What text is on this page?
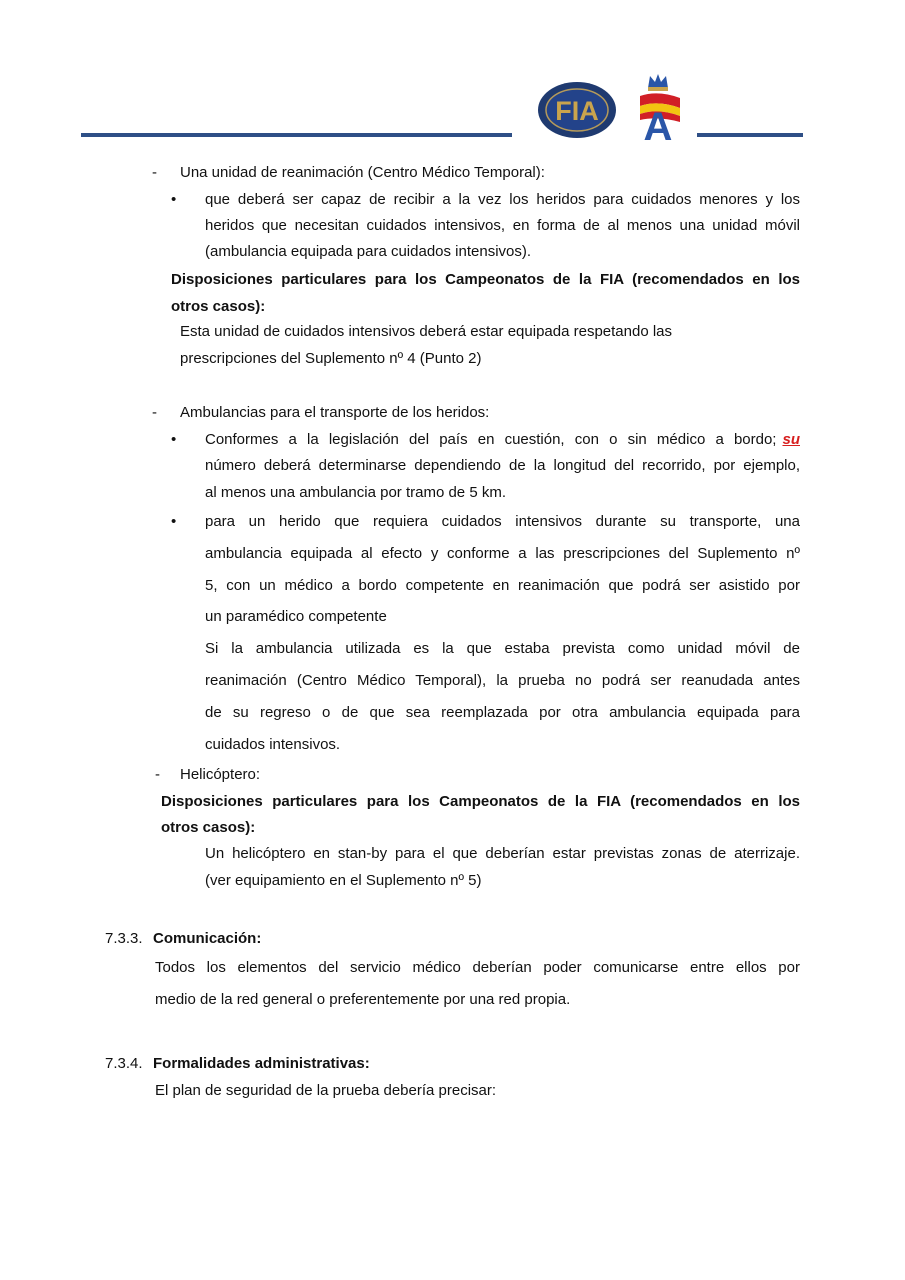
FIA A
- Una unidad de reanimación (Centro Médico Temporal):
• que deberá ser capaz de recibir a la vez los heridos para cuidados menores y los
heridos que necesitan cuidados intensivos, en forma de al menos una unidad móvil
(ambulancia equipada para cuidados intensivos).
Disposiciones particulares para los Campeonatos de la FIA (recomendados en los
otros casos):
Esta unidad de cuidados intensivos deberá estar equipada respetando las
prescripciones del Suplemento nº 4 (Punto 2)
- Ambulancias para el transporte de los heridos:
• Conformes a la legislación del país en cuestión, con o sin médico a bordo; su
número deberá determinarse dependiendo de la longitud del recorrido, por ejemplo,
al menos una ambulancia por tramo de 5 km.
• para un herido que requiera cuidados intensivos durante su transporte, una
ambulancia equipada al efecto y conforme a las prescripciones del Suplemento nº
5, con un médico a bordo competente en reanimación que podrá ser asistido por
un paramédico competente
Si la ambulancia utilizada es la que estaba prevista como unidad móvil de
reanimación (Centro Médico Temporal), la prueba no podrá ser reanudada antes
de su regreso o de que sea reemplazada por otra ambulancia equipada para
cuidados intensivos.
- Helicóptero:
Disposiciones particulares para los Campeonatos de la FIA (recomendados en los
otros casos):
Un helicóptero en stan-by para el que deberían estar previstas zonas de aterrizaje.
(ver equipamiento en el Suplemento nº 5)
7.3.3. Comunicación:
Todos los elementos del servicio médico deberían poder comunicarse entre ellos por
medio de la red general o preferentemente por una red propia.
7.3.4. Formalidades administrativas:
El plan de seguridad de la prueba debería precisar:
